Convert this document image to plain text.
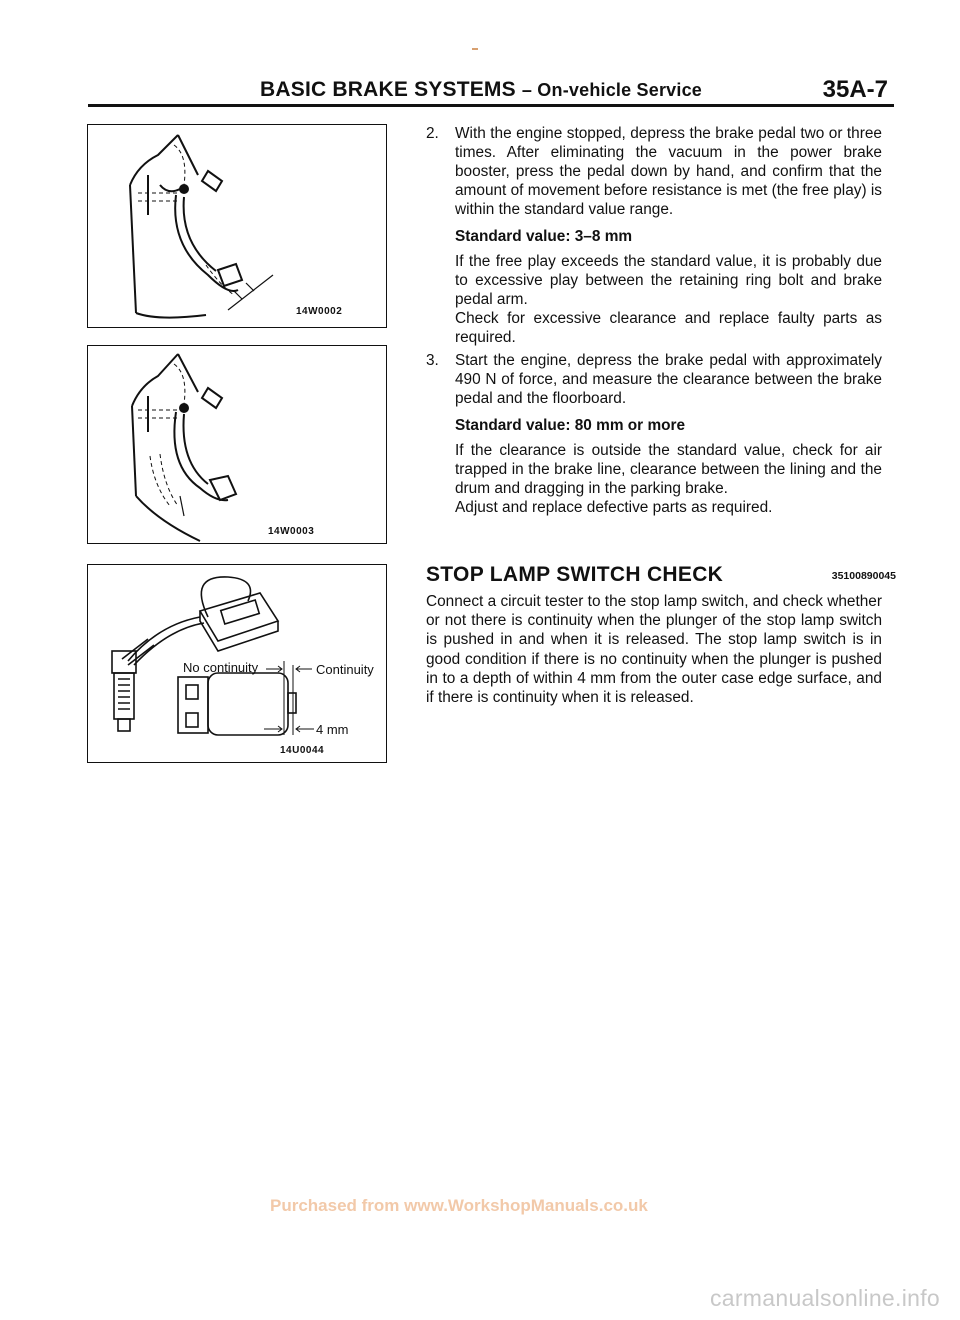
BASIC BRAKE SYSTEMS – On-vehicle Service	35A-7
14W0002
14W0003
No continuity	Continuity
4 mm
14U0044
2. With the engine stopped, depress the brake pedal two or three times. After eliminating the vacuum in the power brake booster, press the pedal down by hand, and confirm that the amount of movement before resistance is met (the free play) is within the standard value range.

Standard value: 3–8 mm

If the free play exceeds the standard value, it is probably due to excessive play between the retaining ring bolt and brake pedal arm.

Check for excessive clearance and replace faulty parts as required.

3. Start the engine, depress the brake pedal with approximately 490 N of force, and measure the clearance between the brake pedal and the floorboard.

Standard value: 80 mm or more

If the clearance is outside the standard value, check for air trapped in the brake line, clearance between the lining and the drum and dragging in the parking brake.

Adjust and replace defective parts as required.

STOP LAMP SWITCH CHECK	35100890045
Connect a circuit tester to the stop lamp switch, and check whether or not there is continuity when the plunger of the stop lamp switch is pushed in and when it is released. The stop lamp switch is in good condition if there is no continuity when the plunger is pushed in to a depth of within 4 mm from the outer case edge surface, and if there is continuity when it is released.
Purchased from www.WorkshopManuals.co.uk
carmanualsonline.info
